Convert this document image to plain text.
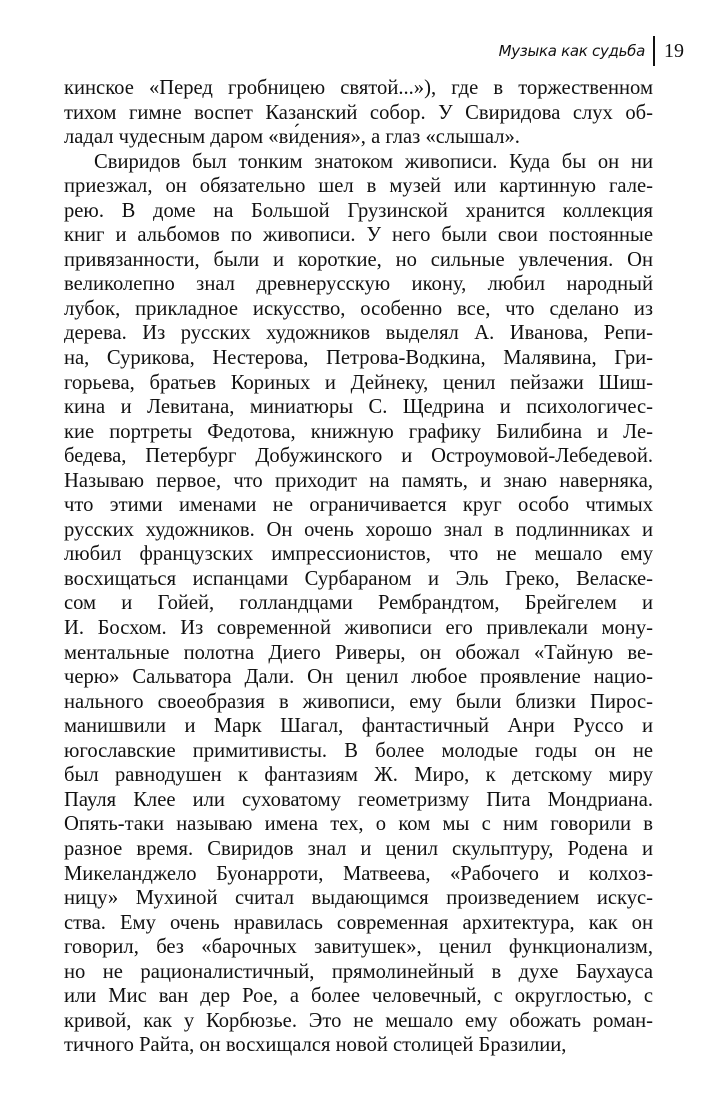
Музыка как судьба 19
кинское «Перед гробницею святой...»), где в торжественном
тихом гимне воспет Казанский собор. У Свиридова слух об-
ладал чудесным даром «ви́дения», а глаз «слышал».
Свиридов был тонким знатоком живописи. Куда бы он ни
приезжал, он обязательно шел в музей или картинную гале-
рею. В доме на Большой Грузинской хранится коллекция
книг и альбомов по живописи. У него были свои постоянные
привязанности, были и короткие, но сильные увлечения. Он
великолепно знал древнерусскую икону, любил народный
лубок, прикладное искусство, особенно все, что сделано из
дерева. Из русских художников выделял А. Иванова, Репи-
на, Сурикова, Нестерова, Петрова-Водкина, Малявина, Гри-
горьева, братьев Кориных и Дейнеку, ценил пейзажи Шиш-
кина и Левитана, миниатюры С. Щедрина и психологичес-
кие портреты Федотова, книжную графику Билибина и Ле-
бедева, Петербург Добужинского и Остроумовой-Лебедевой.
Называю первое, что приходит на память, и знаю наверняка,
что этими именами не ограничивается круг особо чтимых
русских художников. Он очень хорошо знал в подлинниках и
любил французских импрессионистов, что не мешало ему
восхищаться испанцами Сурбараном и Эль Греко, Веласке-
сом и Гойей, голландцами Рембрандтом, Брейгелем и
И. Босхом. Из современной живописи его привлекали мону-
ментальные полотна Диего Риверы, он обожал «Тайную ве-
черю» Сальватора Дали. Он ценил любое проявление нацио-
нального своеобразия в живописи, ему были близки Пирос-
манишвили и Марк Шагал, фантастичный Анри Руссо и
югославские примитивисты. В более молодые годы он не
был равнодушен к фантазиям Ж. Миро, к детскому миру
Пауля Клее или суховатому геометризму Пита Мондриана.
Опять-таки называю имена тех, о ком мы с ним говорили в
разное время. Свиридов знал и ценил скульптуру, Родена и
Микеланджело Буонарроти, Матвеева, «Рабочего и колхоз-
ницу» Мухиной считал выдающимся произведением искус-
ства. Ему очень нравилась современная архитектура, как он
говорил, без «барочных завитушек», ценил функционализм,
но не рационалистичный, прямолинейный в духе Баухауса
или Мис ван дер Рое, а более человечный, с округлостью, с
кривой, как у Корбюзье. Это не мешало ему обожать роман-
тичного Райта, он восхищался новой столицей Бразилии,
